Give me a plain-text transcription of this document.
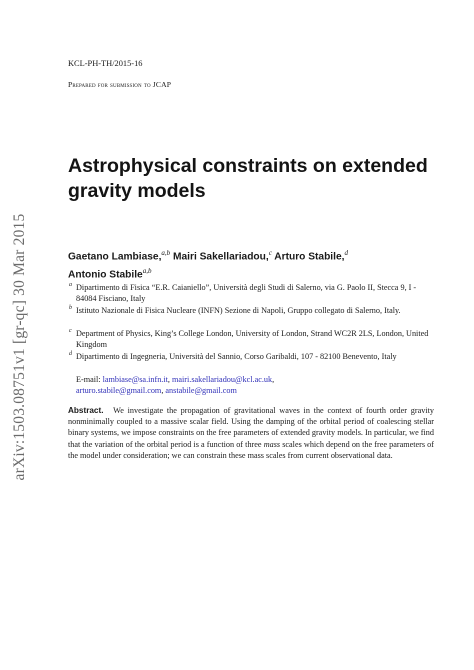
arXiv:1503.08751v1 [gr-qc] 30 Mar 2015
KCL-PH-TH/2015-16
Prepared for submission to JCAP
Astrophysical constraints on extended gravity models
Gaetano Lambiase,$^{a,b}$ Mairi Sakellariadou,$^c$ Arturo Stabile,$^d$
Antonio Stabile$^{a,b}$
a Dipartimento di Fisica “E.R. Caianiello”, Università degli Studi di Salerno, via G. Paolo II, Stecca 9, I - 84084 Fisciano, Italy
b Istituto Nazionale di Fisica Nucleare (INFN) Sezione di Napoli, Gruppo collegato di Salerno, Italy.
c Department of Physics, King’s College London, University of London, Strand WC2R 2LS, London, United Kingdom
d Dipartimento di Ingegneria, Università del Sannio, Corso Garibaldi, 107 - 82100 Benevento, Italy
E-mail: lambiase@sa.infn.it, mairi.sakellariadou@kcl.ac.uk,
arturo.stabile@gmail.com, anstabile@gmail.com
Abstract. We investigate the propagation of gravitational waves in the context of fourth order gravity nonminimally coupled to a massive scalar field. Using the damping of the orbital period of coalescing stellar binary systems, we impose constraints on the free parameters of extended gravity models. In particular, we find that the variation of the orbital period is a function of three mass scales which depend on the free parameters of the model under consideration; we can constrain these mass scales from current observational data.
